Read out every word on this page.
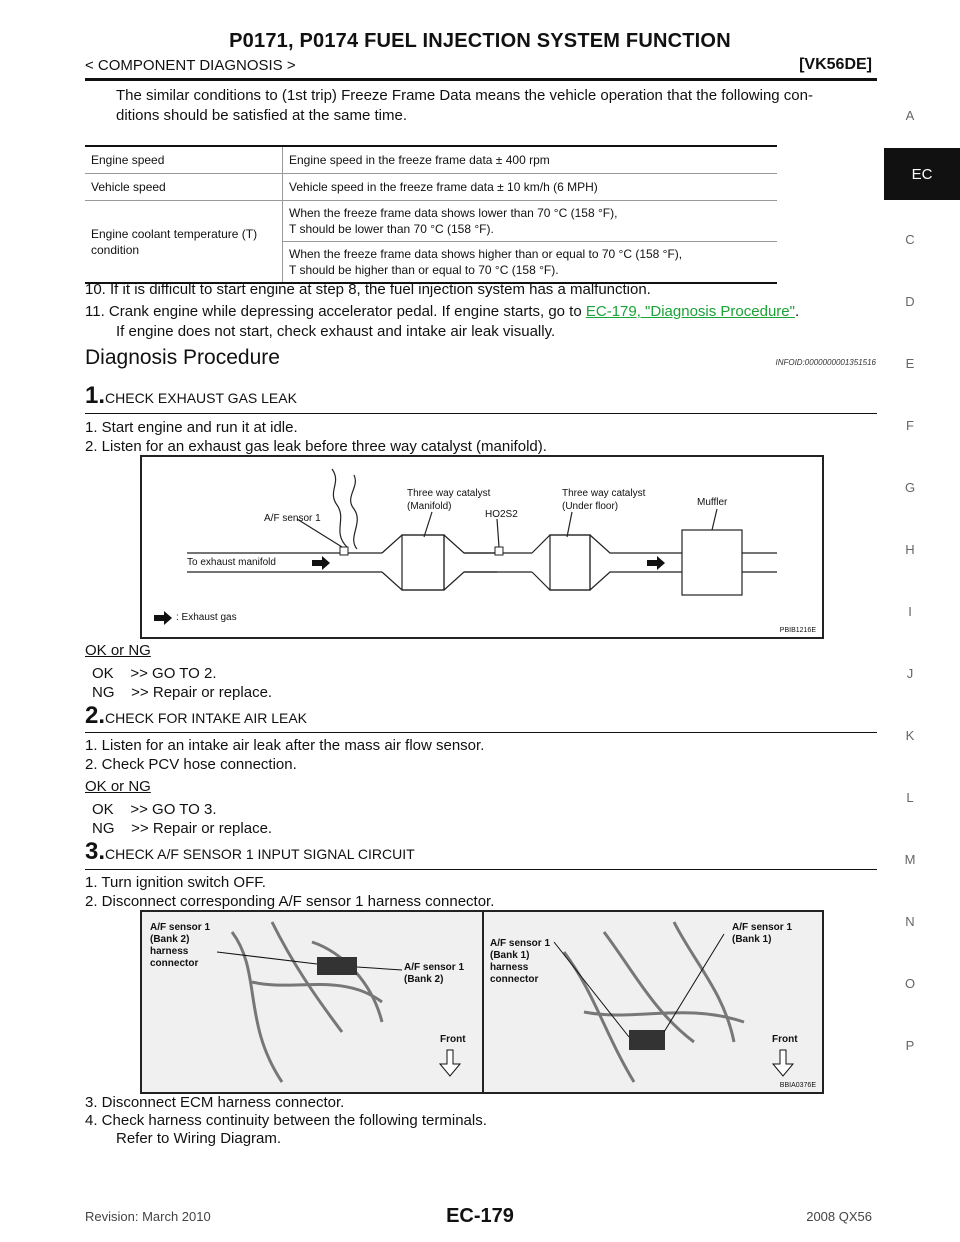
P0171, P0174 FUEL INJECTION SYSTEM FUNCTION
< COMPONENT DIAGNOSIS >	[VK56DE]
A
EC
C
D
E
F
G
H
I
J
K
L
M
N
O
P
The similar conditions to (1st trip) Freeze Frame Data means the vehicle operation that the following con-
ditions should be satisfied at the same time.
Engine speed	Engine speed in the freeze frame data ± 400 rpm
Vehicle speed	Vehicle speed in the freeze frame data ± 10 km/h (6 MPH)
Engine coolant temperature (T) condition	When the freeze frame data shows lower than 70 °C (158 °F),
T should be lower than 70 °C (158 °F).

	When the freeze frame data shows higher than or equal to 70 °C (158 °F),
T should be higher than or equal to 70 °C (158 °F).
10. If it is difficult to start engine at step 8, the fuel injection system has a malfunction.
11. Crank engine while depressing accelerator pedal. If engine starts, go to EC-179, "Diagnosis Procedure".
If engine does not start, check exhaust and intake air leak visually.
Diagnosis Procedure	INFOID:0000000001351516
1.CHECK EXHAUST GAS LEAK
1. Start engine and run it at idle.
2. Listen for an exhaust gas leak before three way catalyst (manifold).
A/F sensor 1
Three way catalyst
(Manifold)
HO2S2
Three way catalyst
(Under floor)	Muffler
To exhaust manifold
: Exhaust gas
PBIB1216E
OK or NG
OK    >> GO TO 2.
NG    >> Repair or replace.
2.CHECK FOR INTAKE AIR LEAK
1. Listen for an intake air leak after the mass air flow sensor.
2. Check PCV hose connection.
OK or NG
OK    >> GO TO 3.
NG    >> Repair or replace.
3.CHECK A/F SENSOR 1 INPUT SIGNAL CIRCUIT
1. Turn ignition switch OFF.
2. Disconnect corresponding A/F sensor 1 harness connector.
A/F sensor 1
(Bank 2)
harness
connector	A/F sensor 1
(Bank 2)
Front
A/F sensor 1
(Bank 1)
harness
connector
A/F sensor 1
(Bank 1)
Front
BBIA0376E
3. Disconnect ECM harness connector.
4. Check harness continuity between the following terminals.
Refer to Wiring Diagram.
Revision: March 2010	EC-179	2008 QX56
